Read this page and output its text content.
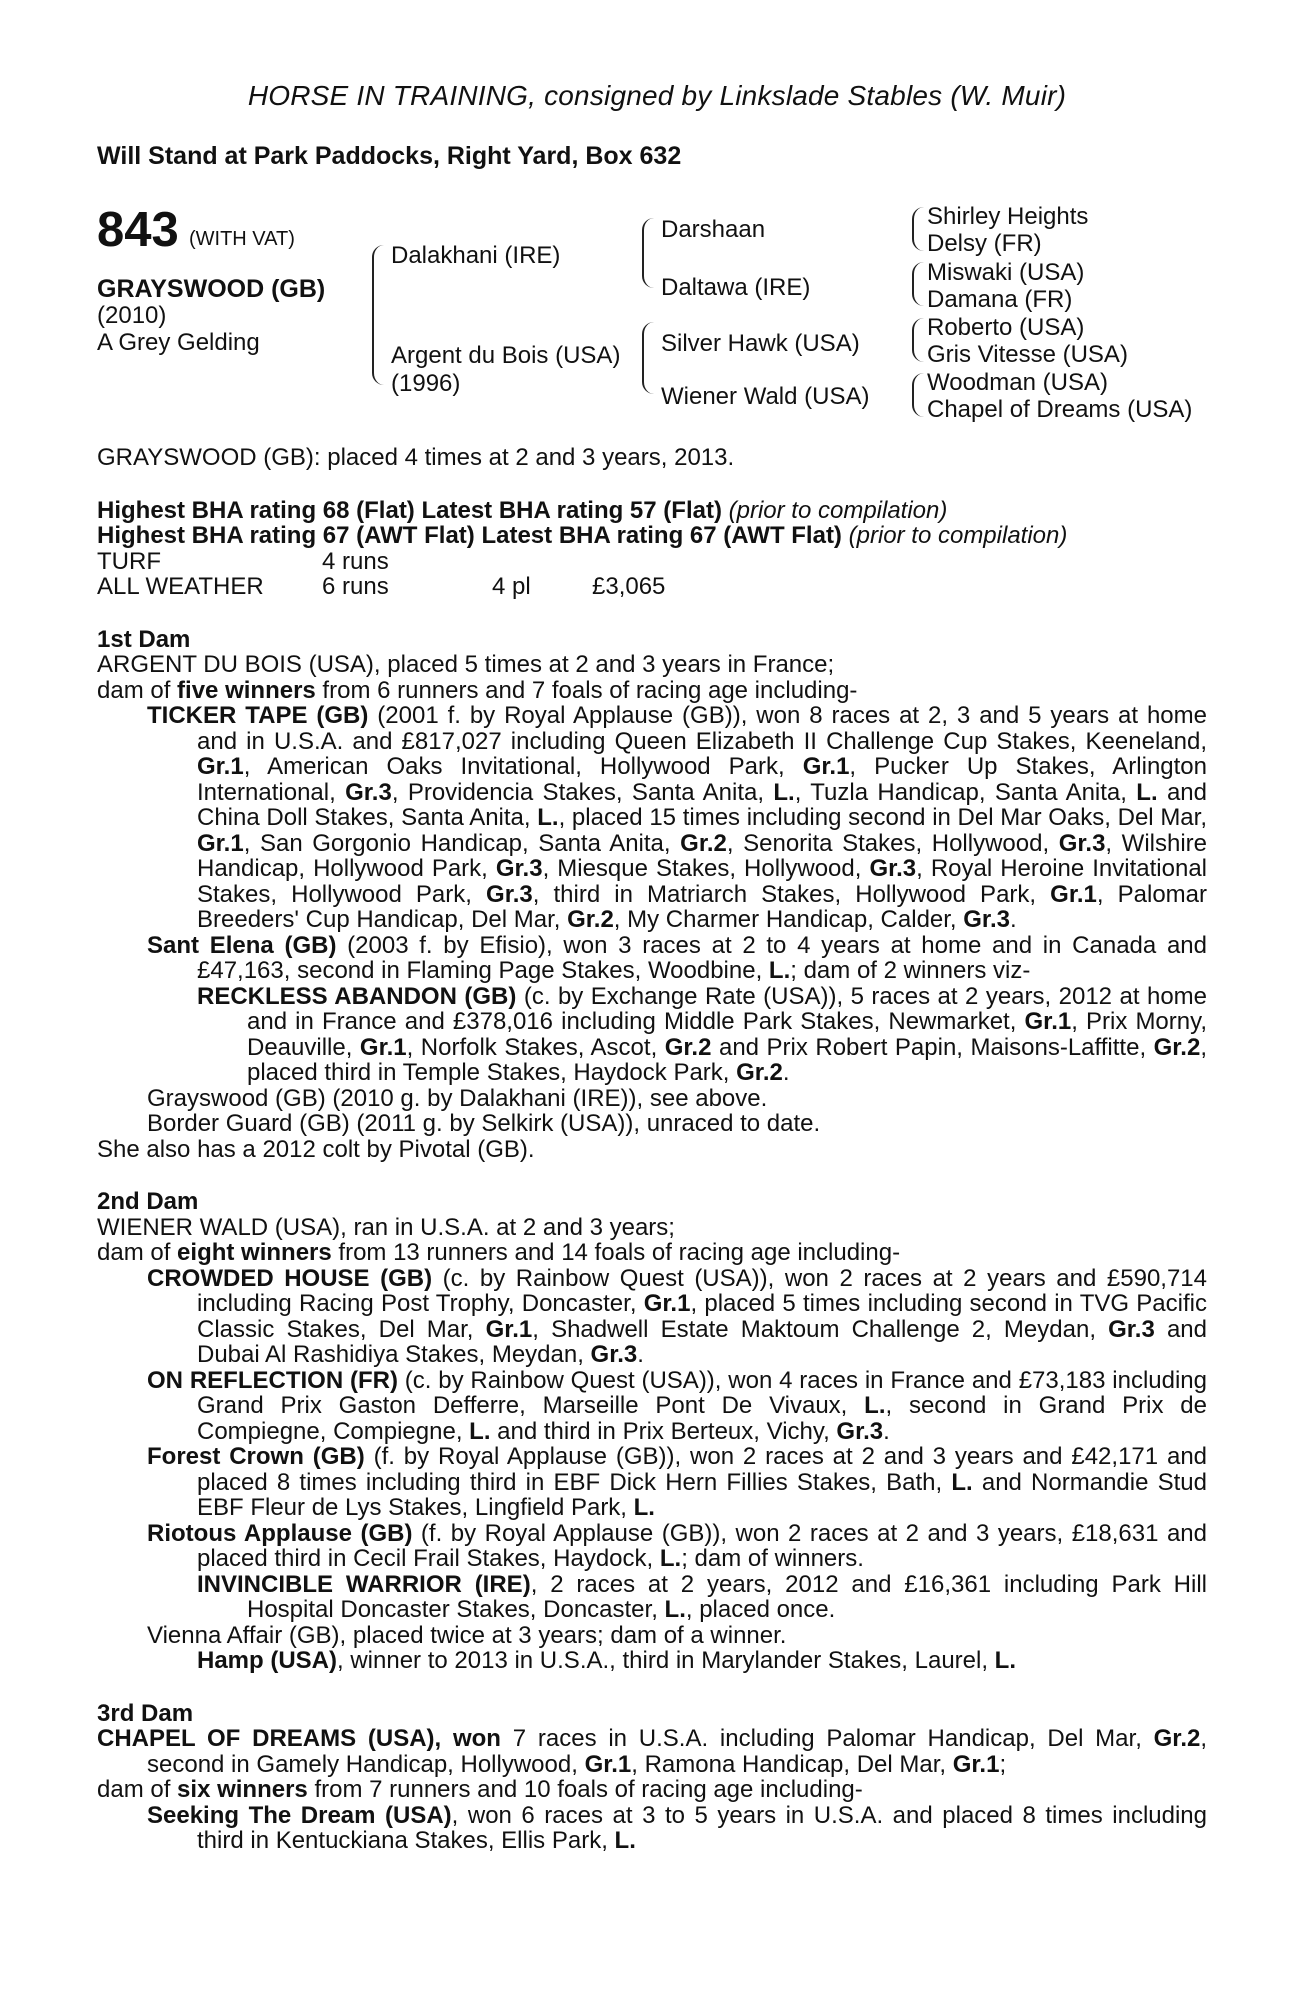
HORSE IN TRAINING, consigned by Linkslade Stables (W. Muir)
Will Stand at Park Paddocks, Right Yard, Box 632
843 (WITH VAT)
GRAYSWOOD (GB)
(2010)
A Grey Gelding
Dalakhani (IRE)
Argent du Bois (USA)
(1996)
Darshaan
Daltawa (IRE)
Silver Hawk (USA)
Wiener Wald (USA)
Shirley Heights
Delsy (FR)
Miswaki (USA)
Damana (FR)
Roberto (USA)
Gris Vitesse (USA)
Woodman (USA)
Chapel of Dreams (USA)

GRAYSWOOD (GB): placed 4 times at 2 and 3 years, 2013.

Highest BHA rating 68 (Flat) Latest BHA rating 57 (Flat) (prior to compilation)

Highest BHA rating 67 (AWT Flat) Latest BHA rating 67 (AWT Flat) (prior to compilation)

TURF	4 runs
ALL WEATHER	6 runs	4 pl	£3,065

1st Dam

ARGENT DU BOIS (USA), placed 5 times at 2 and 3 years in France;

dam of five winners from 6 runners and 7 foals of racing age including-

TICKER TAPE (GB) (2001 f. by Royal Applause (GB)), won 8 races at 2, 3 and 5 years at home and in U.S.A. and £817,027 including Queen Elizabeth II Challenge Cup Stakes, Keeneland, Gr.1, American Oaks Invitational, Hollywood Park, Gr.1, Pucker Up Stakes, Arlington International, Gr.3, Providencia Stakes, Santa Anita, L., Tuzla Handicap, Santa Anita, L. and China Doll Stakes, Santa Anita, L., placed 15 times including second in Del Mar Oaks, Del Mar, Gr.1, San Gorgonio Handicap, Santa Anita, Gr.2, Senorita Stakes, Hollywood, Gr.3, Wilshire Handicap, Hollywood Park, Gr.3, Miesque Stakes, Hollywood, Gr.3, Royal Heroine Invitational Stakes, Hollywood Park, Gr.3, third in Matriarch Stakes, Hollywood Park, Gr.1, Palomar Breeders' Cup Handicap, Del Mar, Gr.2, My Charmer Handicap, Calder, Gr.3.

Sant Elena (GB) (2003 f. by Efisio), won 3 races at 2 to 4 years at home and in Canada and £47,163, second in Flaming Page Stakes, Woodbine, L.; dam of 2 winners viz-

RECKLESS ABANDON (GB) (c. by Exchange Rate (USA)), 5 races at 2 years, 2012 at home and in France and £378,016 including Middle Park Stakes, Newmarket, Gr.1, Prix Morny, Deauville, Gr.1, Norfolk Stakes, Ascot, Gr.2 and Prix Robert Papin, Maisons-Laffitte, Gr.2, placed third in Temple Stakes, Haydock Park, Gr.2.

Grayswood (GB) (2010 g. by Dalakhani (IRE)), see above.

Border Guard (GB) (2011 g. by Selkirk (USA)), unraced to date.

She also has a 2012 colt by Pivotal (GB).

2nd Dam

WIENER WALD (USA), ran in U.S.A. at 2 and 3 years;

dam of eight winners from 13 runners and 14 foals of racing age including-

CROWDED HOUSE (GB) (c. by Rainbow Quest (USA)), won 2 races at 2 years and £590,714 including Racing Post Trophy, Doncaster, Gr.1, placed 5 times including second in TVG Pacific Classic Stakes, Del Mar, Gr.1, Shadwell Estate Maktoum Challenge 2, Meydan, Gr.3 and Dubai Al Rashidiya Stakes, Meydan, Gr.3.

ON REFLECTION (FR) (c. by Rainbow Quest (USA)), won 4 races in France and £73,183 including Grand Prix Gaston Defferre, Marseille Pont De Vivaux, L., second in Grand Prix de Compiegne, Compiegne, L. and third in Prix Berteux, Vichy, Gr.3.

Forest Crown (GB) (f. by Royal Applause (GB)), won 2 races at 2 and 3 years and £42,171 and placed 8 times including third in EBF Dick Hern Fillies Stakes, Bath, L. and Normandie Stud EBF Fleur de Lys Stakes, Lingfield Park, L.

Riotous Applause (GB) (f. by Royal Applause (GB)), won 2 races at 2 and 3 years, £18,631 and placed third in Cecil Frail Stakes, Haydock, L.; dam of winners.

INVINCIBLE WARRIOR (IRE), 2 races at 2 years, 2012 and £16,361 including Park Hill Hospital Doncaster Stakes, Doncaster, L., placed once.

Vienna Affair (GB), placed twice at 3 years; dam of a winner.

Hamp (USA), winner to 2013 in U.S.A., third in Marylander Stakes, Laurel, L.

3rd Dam

CHAPEL OF DREAMS (USA), won 7 races in U.S.A. including Palomar Handicap, Del Mar, Gr.2, second in Gamely Handicap, Hollywood, Gr.1, Ramona Handicap, Del Mar, Gr.1;

dam of six winners from 7 runners and 10 foals of racing age including-

Seeking The Dream (USA), won 6 races at 3 to 5 years in U.S.A. and placed 8 times including third in Kentuckiana Stakes, Ellis Park, L.
